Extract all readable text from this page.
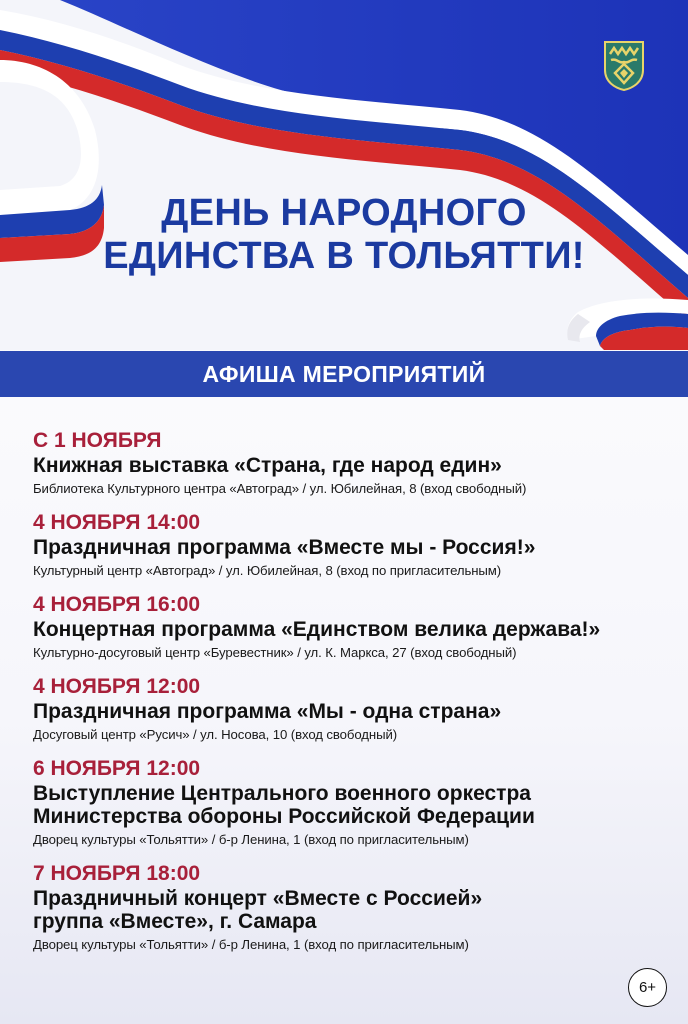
ДЕНЬ НАРОДНОГО
ЕДИНСТВА В ТОЛЬЯТТИ!
АФИША МЕРОПРИЯТИЙ
С 1 НОЯБРЯ
Книжная выставка «Страна, где народ един»
Библиотека Культурного центра «Автоград» / ул. Юбилейная, 8 (вход свободный)
4 НОЯБРЯ 14:00
Праздничная программа «Вместе мы - Россия!»
Культурный центр «Автоград» / ул. Юбилейная, 8 (вход по пригласительным)
4 НОЯБРЯ 16:00
Концертная программа «Единством велика держава!»
Культурно-досуговый центр «Буревестник» / ул. К. Маркса, 27 (вход свободный)
4 НОЯБРЯ 12:00
Праздничная программа «Мы - одна страна»
Досуговый центр «Русич» / ул. Носова, 10 (вход свободный)
6 НОЯБРЯ 12:00
Выступление Центрального военного оркестра
Министерства обороны Российской Федерации
Дворец культуры «Тольятти» / б-р Ленина, 1 (вход по пригласительным)
7 НОЯБРЯ 18:00
Праздничный концерт «Вместе с Россией»
группа «Вместе», г. Самара
Дворец культуры «Тольятти» / б-р Ленина, 1 (вход по пригласительным)
6+
